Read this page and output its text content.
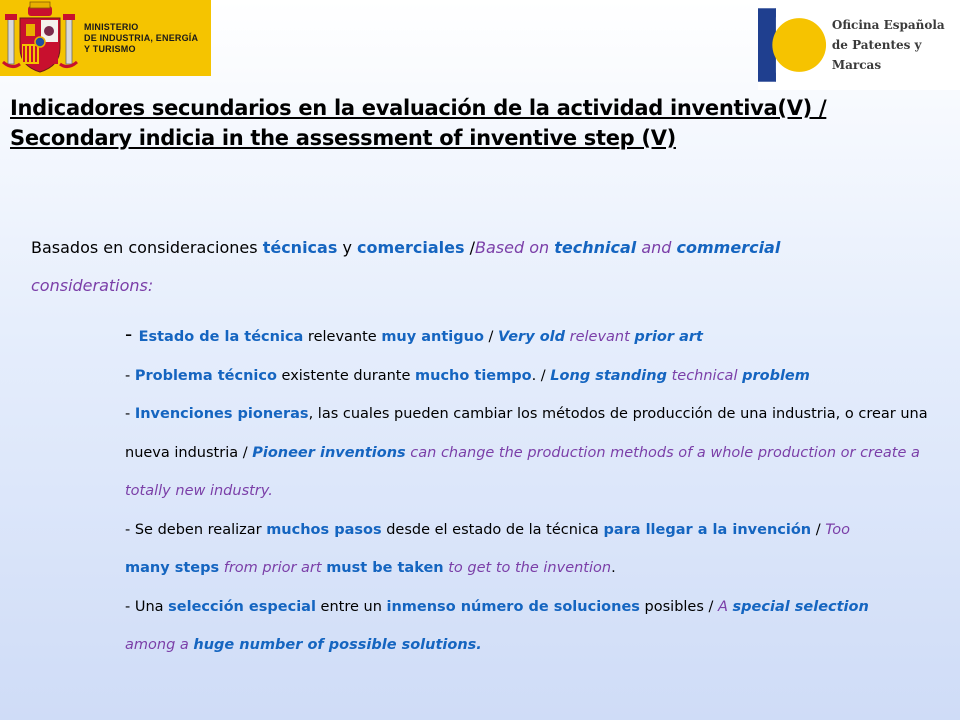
MINISTERIO
DE INDUSTRIA, ENERGÍA
Y TURISMO
Oficina Española
de Patentes y Marcas
Indicadores secundarios en la evaluación de la actividad inventiva(V) /
Secondary indicia in the assessment of inventive step (V)

Basados en consideraciones técnicas y comerciales /Based on technical and commercial
considerations:

- Estado de la técnica relevante muy antiguo / Very old relevant prior art

- Problema técnico existente durante mucho tiempo. / Long standing technical problem

- Invenciones pioneras, las cuales pueden cambiar los métodos de producción de una industria, o crear una nueva industria / Pioneer inventions can change the production methods of a whole production or create a totally new industry.

- Se deben realizar muchos pasos desde el estado de la técnica para llegar a la invención / Too
many steps from prior art must be taken to get to the invention.

- Una selección especial entre un inmenso número de soluciones posibles / A special selection
among a huge number of possible solutions.
